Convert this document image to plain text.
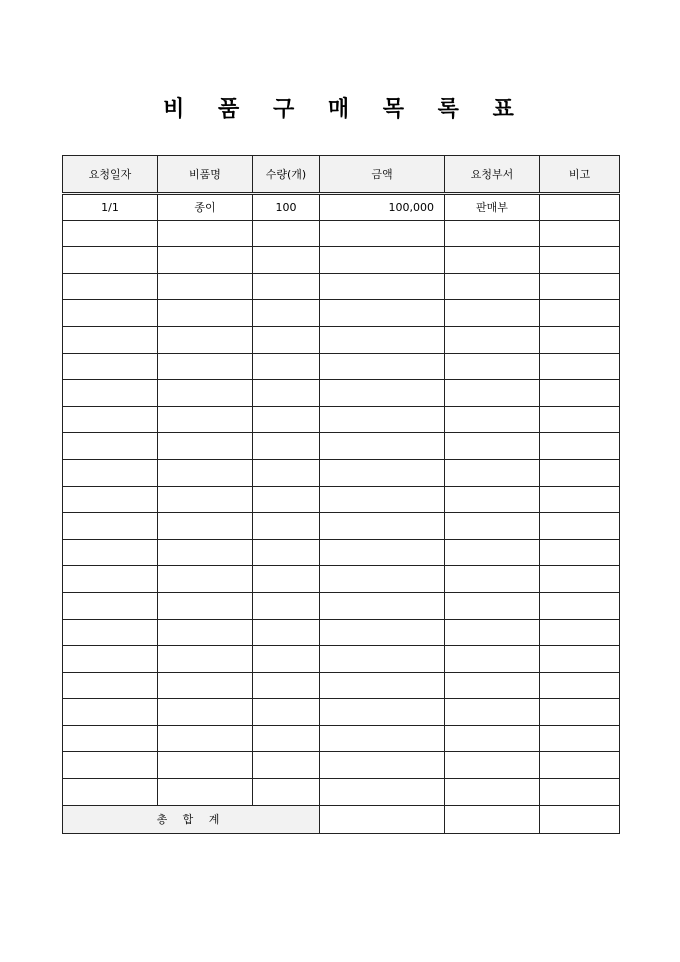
비 품 구 매 목 록 표
요청일자	비품명	수량(개)	금액	요청부서	비고
1/1	종이	100	100,000	판매부	

총 합 계					
